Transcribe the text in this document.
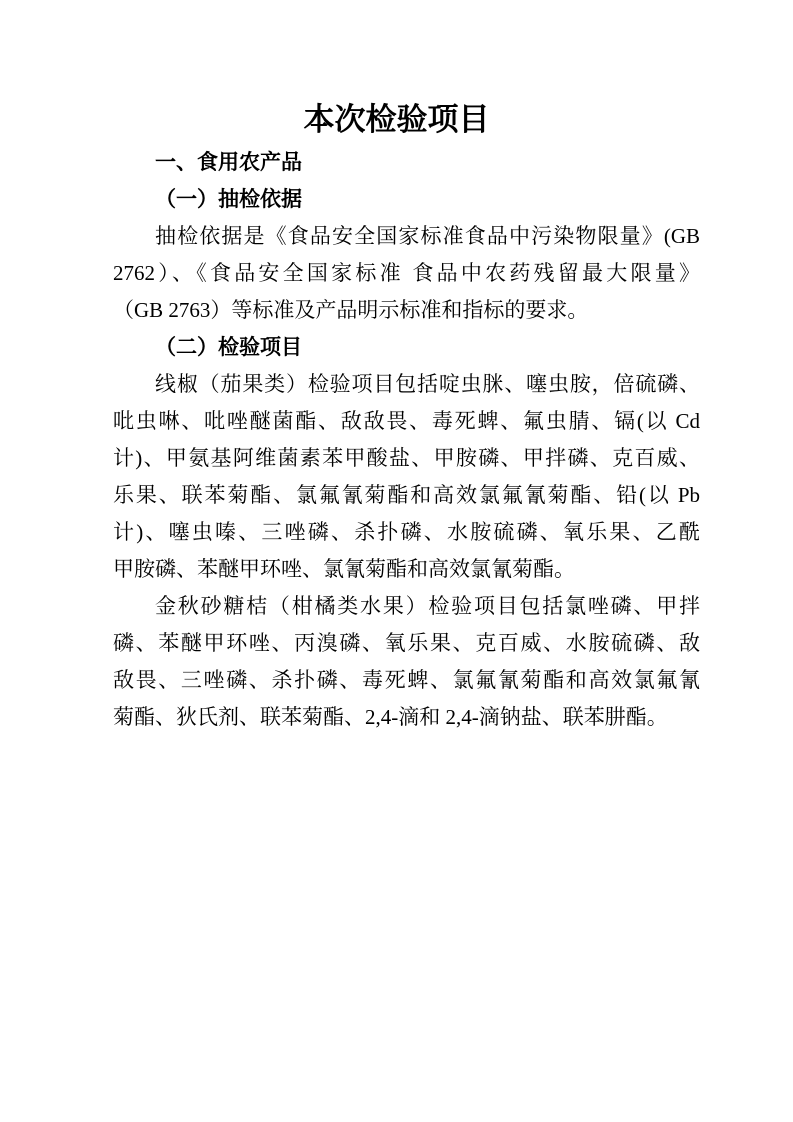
本次检验项目
一、食用农产品
（一）抽检依据

抽检依据是《食品安全国家标准食品中污染物限量》(GB
2762）、《食品安全国家标准 食品中农药残留最大限量》
（GB 2763）等标准及产品明示标准和指标的要求。

（二）检验项目

线椒（茄果类）检验项目包括啶虫脒、噻虫胺，倍硫磷、
吡虫啉、吡唑醚菌酯、敌敌畏、毒死蜱、氟虫腈、镉(以 Cd
计)、甲氨基阿维菌素苯甲酸盐、甲胺磷、甲拌磷、克百威、
乐果、联苯菊酯、氯氟氰菊酯和高效氯氟氰菊酯、铅(以 Pb
计)、噻虫嗪、三唑磷、杀扑磷、水胺硫磷、氧乐果、乙酰
甲胺磷、苯醚甲环唑、氯氰菊酯和高效氯氰菊酯。

金秋砂糖桔（柑橘类水果）检验项目包括氯唑磷、甲拌
磷、苯醚甲环唑、丙溴磷、氧乐果、克百威、水胺硫磷、敌
敌畏、三唑磷、杀扑磷、毒死蜱、氯氟氰菊酯和高效氯氟氰
菊酯、狄氏剂、联苯菊酯、2,4-滴和 2,4-滴钠盐、联苯肼酯。
